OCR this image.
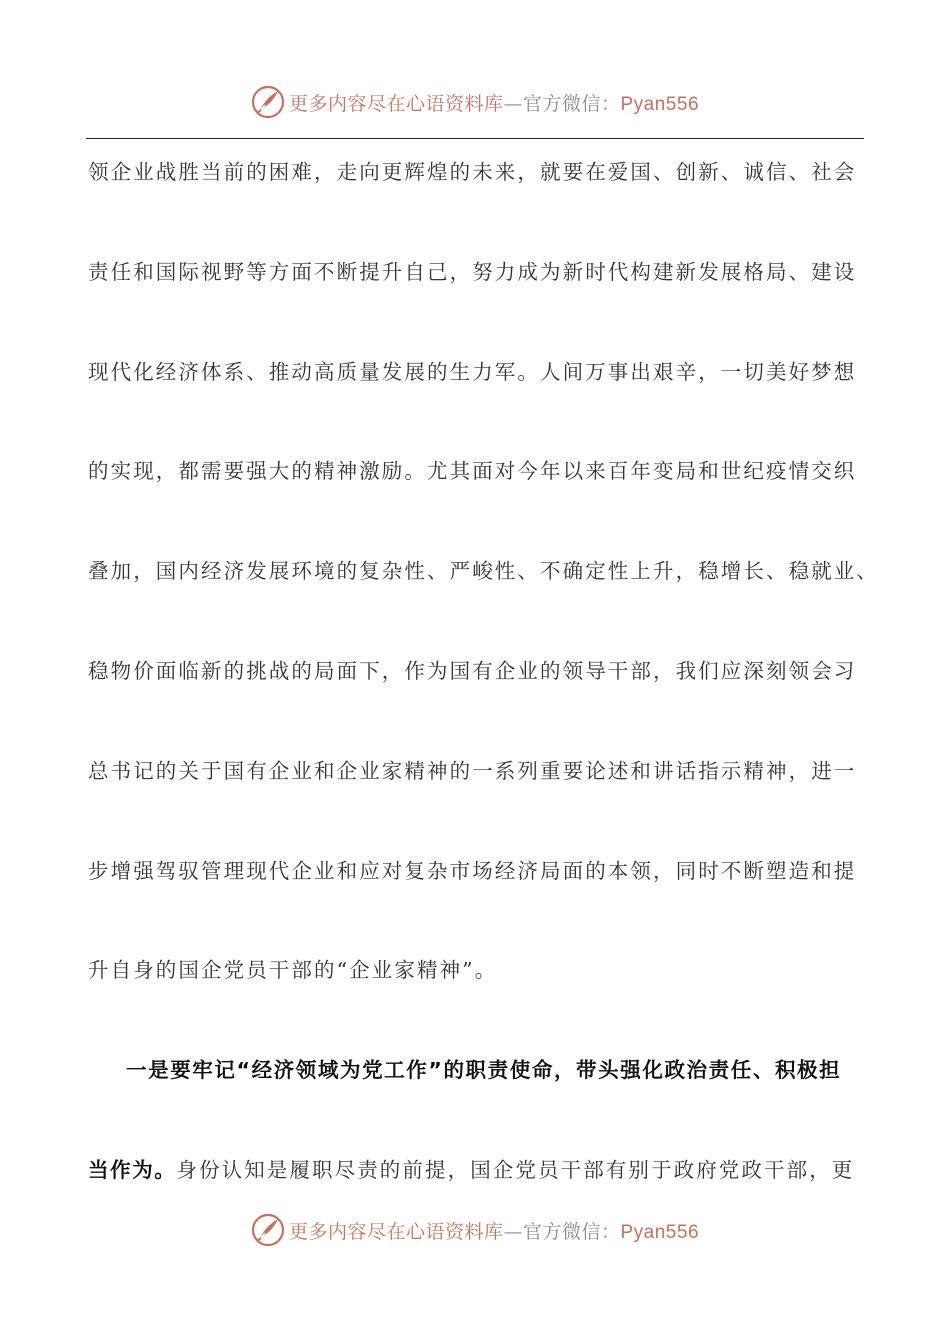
更多内容尽在心语资料库—官方微信：Pyan556
领企业战胜当前的困难，走向更辉煌的未来，就要在爱国、创新、诚信、社会
责任和国际视野等方面不断提升自己，努力成为新时代构建新发展格局、建设
现代化经济体系、推动高质量发展的生力军。人间万事出艰辛，一切美好梦想
的实现，都需要强大的精神激励。尤其面对今年以来百年变局和世纪疫情交织
叠加，国内经济发展环境的复杂性、严峻性、不确定性上升，稳增长、稳就业、
稳物价面临新的挑战的局面下，作为国有企业的领导干部，我们应深刻领会习
总书记的关于国有企业和企业家精神的一系列重要论述和讲话指示精神，进一
步增强驾驭管理现代企业和应对复杂市场经济局面的本领，同时不断塑造和提
升自身的国企党员干部的“企业家精神”。
一是要牢记“经济领域为党工作”的职责使命，带头强化政治责任、积极担
当作为。身份认知是履职尽责的前提，国企党员干部有别于政府党政干部，更
更多内容尽在心语资料库—官方微信：Pyan556
